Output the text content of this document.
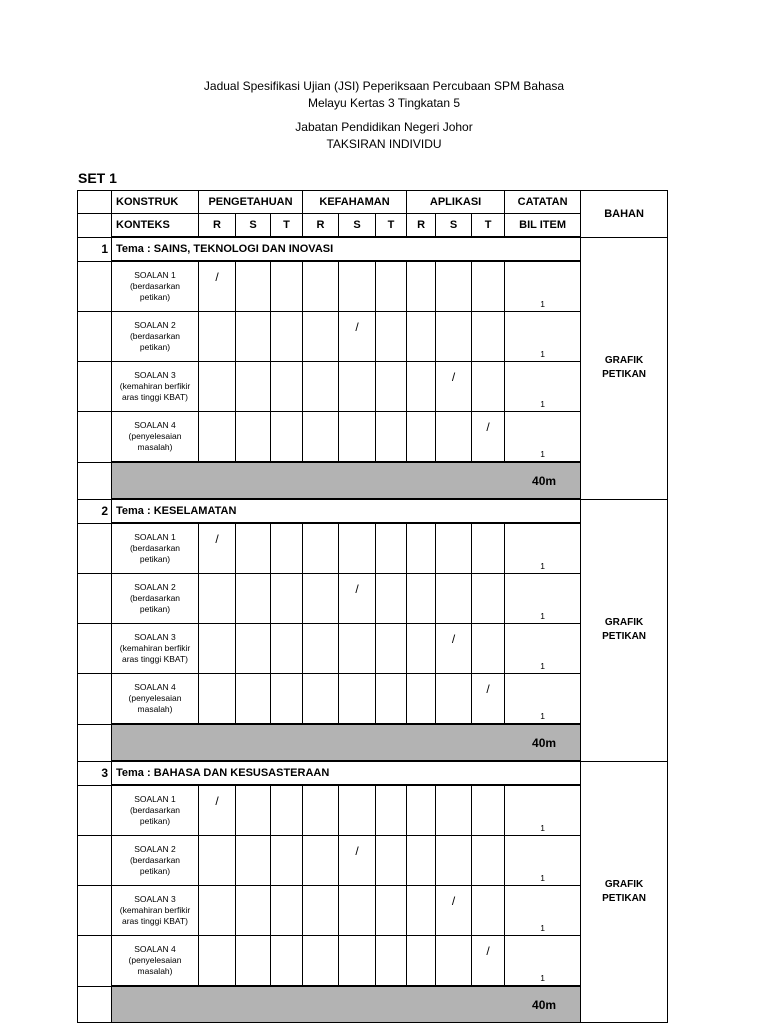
Jadual Spesifikasi Ujian (JSI) Peperiksaan Percubaan SPM Bahasa
Melayu Kertas 3 Tingkatan 5
Jabatan Pendidikan Negeri Johor
TAKSIRAN INDIVIDU
SET 1
	KONSTRUK	PENGETAHUAN			KEFAHAMAN			APLIKASI			CATATAN	BAHAN
	KONTEKS	R	S	T	R	S	T	R	S	T	BIL ITEM	
1	Tema : SAINS, TEKNOLOGI DAN INOVASI											GRAFIK
PETIKAN

	SOALAN 1
(berdasarkan
petikan)	/									1	

	SOALAN 2
(berdasarkan
petikan)					/					1	

	SOALAN 3
(kemahiran berfikir
aras tinggi KBAT)								/		1	

	SOALAN 4
(penyelesaian
masalah)									/	1	
	40m											
2	Tema : KESELAMATAN											GRAFIK
PETIKAN

	SOALAN 1
(berdasarkan
petikan)	/									1	

	SOALAN 2
(berdasarkan
petikan)					/					1	

	SOALAN 3
(kemahiran berfikir
aras tinggi KBAT)								/		1	

	SOALAN 4
(penyelesaian
masalah)									/	1	
	40m											
3	Tema : BAHASA DAN KESUSASTERAAN											GRAFIK
PETIKAN

	SOALAN 1
(berdasarkan
petikan)	/									1	

	SOALAN 2
(berdasarkan
petikan)					/					1	

	SOALAN 3
(kemahiran berfikir
aras tinggi KBAT)								/		1	

	SOALAN 4
(penyelesaian
masalah)									/	1	
	40m											
